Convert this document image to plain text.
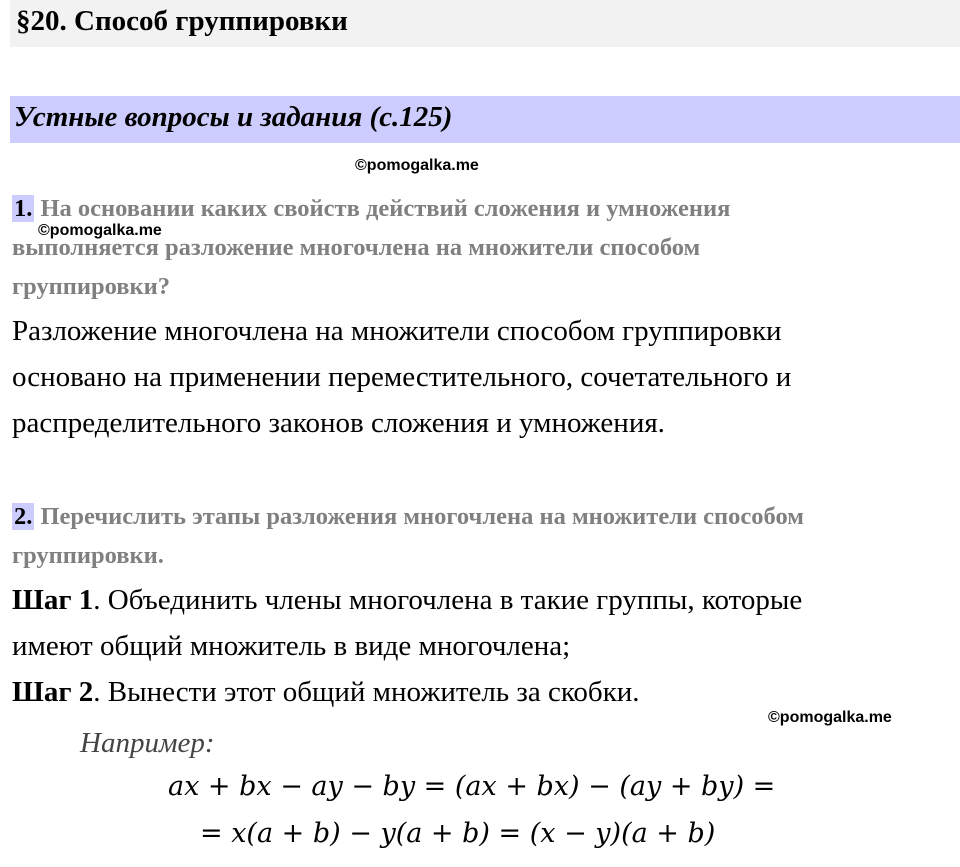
§20. Способ группировки
Устные вопросы и задания (с.125)
©pomogalka.me
1. На основании каких свойств действий сложения и умножения
выполняется разложение многочлена на множители способом
©pomogalka.me
группировки?
Разложение многочлена на множители способом группировки
основано на применении переместительного, сочетательного и
распределительного законов сложения и умножения.
2. Перечислить этапы разложения многочлена на множители способом
группировки.
Шаг 1. Объединить члены многочлена в такие группы, которые
имеют общий множитель в виде многочлена;
Шаг 2. Вынести этот общий множитель за скобки.
©pomogalka.me
Например:
ax + bx − ay − by = (ax + bx) − (ay + by) =
= x(a + b) − y(a + b) = (x − y)(a + b)
